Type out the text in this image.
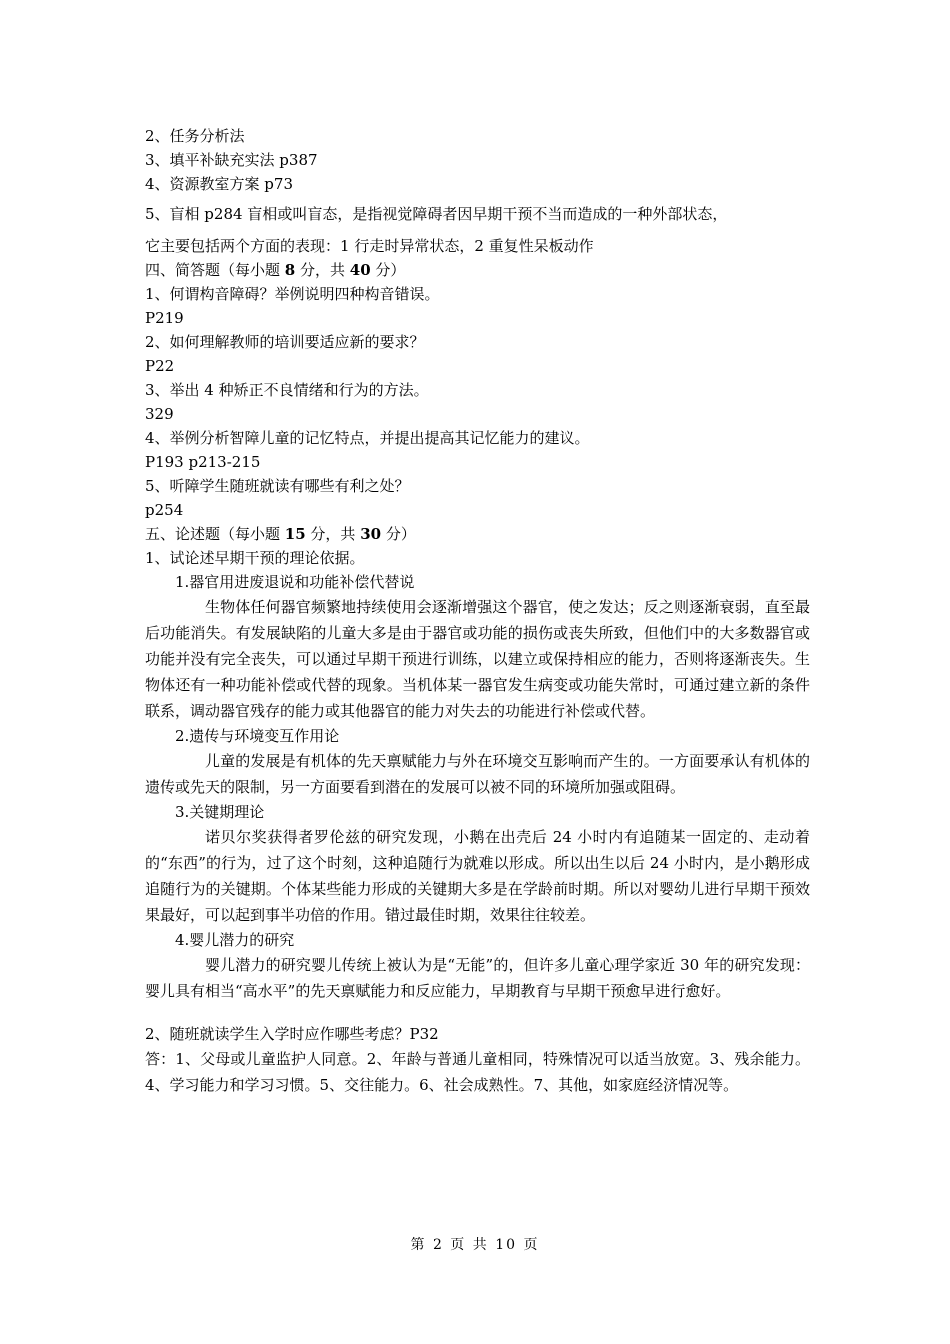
2、任务分析法
3、填平补缺充实法 p387
4、资源教室方案 p73
5、盲相 p284 盲相或叫盲态，是指视觉障碍者因早期干预不当而造成的一种外部状态，
它主要包括两个方面的表现：1 行走时异常状态，2 重复性呆板动作
四、简答题（每小题 8 分，共 40 分）
1、何谓构音障碍？举例说明四种构音错误。
P219
2、如何理解教师的培训要适应新的要求？
P22
3、举出 4 种矫正不良情绪和行为的方法。
329
4、举例分析智障儿童的记忆特点，并提出提高其记忆能力的建议。
P193 p213-215
5、听障学生随班就读有哪些有利之处？
p254
五、论述题（每小题 15 分，共 30 分）
1、试论述早期干预的理论依据。
1.器官用进废退说和功能补偿代替说
生物体任何器官频繁地持续使用会逐渐增强这个器官，使之发达；反之则逐渐衰弱，直至最后功能消失。有发展缺陷的儿童大多是由于器官或功能的损伤或丧失所致，但他们中的大多数器官或功能并没有完全丧失，可以通过早期干预进行训练，以建立或保持相应的能力，否则将逐渐丧失。生物体还有一种功能补偿或代替的现象。当机体某一器官发生病变或功能失常时，可通过建立新的条件联系，调动器官残存的能力或其他器官的能力对失去的功能进行补偿或代替。
2.遗传与环境变互作用论
儿童的发展是有机体的先天禀赋能力与外在环境交互影响而产生的。一方面要承认有机体的遗传或先天的限制，另一方面要看到潜在的发展可以被不同的环境所加强或阻碍。
3.关键期理论
诺贝尔奖获得者罗伦兹的研究发现，小鹅在出壳后 24 小时内有追随某一固定的、走动着的“东西”的行为，过了这个时刻，这种追随行为就难以形成。所以出生以后 24 小时内，是小鹅形成追随行为的关键期。个体某些能力形成的关键期大多是在学龄前时期。所以对婴幼儿进行早期干预效果最好，可以起到事半功倍的作用。错过最佳时期，效果往往较差。
4.婴儿潜力的研究
婴儿潜力的研究婴儿传统上被认为是“无能”的，但许多儿童心理学家近 30 年的研究发现：婴儿具有相当“高水平”的先天禀赋能力和反应能力，早期教育与早期干预愈早进行愈好。
2、随班就读学生入学时应作哪些考虑？P32
答：1、父母或儿童监护人同意。2、年龄与普通儿童相同，特殊情况可以适当放宽。3、残余能力。4、学习能力和学习习惯。5、交往能力。6、社会成熟性。7、其他，如家庭经济情况等。
第 2 页 共 10 页
